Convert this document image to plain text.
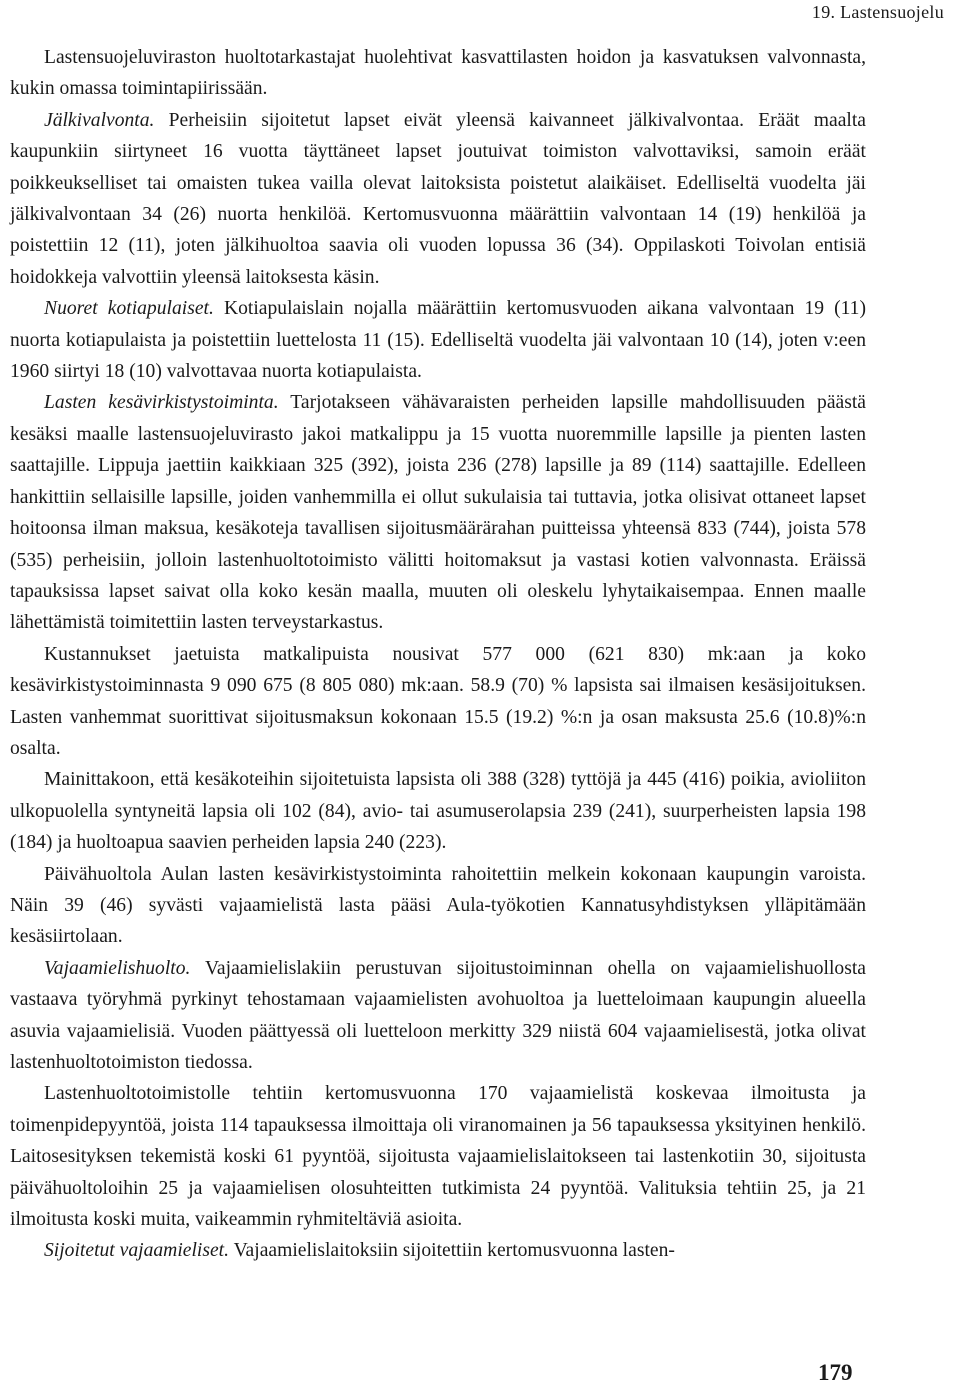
19. Lastensuojelu

Lastensuojeluviraston huoltotarkastajat huolehtivat kasvattilasten hoidon ja kasvatuksen valvonnasta, kukin omassa toimintapiirissään.

Jälkivalvonta. Perheisiin sijoitetut lapset eivät yleensä kaivanneet jälkivalvontaa. Eräät maalta kaupunkiin siirtyneet 16 vuotta täyttäneet lapset joutuivat toimiston valvottaviksi, samoin eräät poikkeukselliset tai omaisten tukea vailla olevat laitoksista poistetut alaikäiset. Edelliseltä vuodelta jäi jälkivalvontaan 34 (26) nuorta henkilöä. Kertomusvuonna määrättiin valvontaan 14 (19) henkilöä ja poistettiin 12 (11), joten jälkihuoltoa saavia oli vuoden lopussa 36 (34). Oppilaskoti Toivolan entisiä hoidokkeja valvottiin yleensä laitoksesta käsin.

Nuoret kotiapulaiset. Kotiapulaislain nojalla määrättiin kertomusvuoden aikana valvontaan 19 (11) nuorta kotiapulaista ja poistettiin luettelosta 11 (15). Edelliseltä vuodelta jäi valvontaan 10 (14), joten v:een 1960 siirtyi 18 (10) valvottavaa nuorta kotiapulaista.

Lasten kesävirkistystoiminta. Tarjotakseen vähävaraisten perheiden lapsille mahdollisuuden päästä kesäksi maalle lastensuojeluvirasto jakoi matkalippu ja 15 vuotta nuoremmille lapsille ja pienten lasten saattajille. Lippuja jaettiin kaikkiaan 325 (392), joista 236 (278) lapsille ja 89 (114) saattajille. Edelleen hankittiin sellaisille lapsille, joiden vanhemmilla ei ollut sukulaisia tai tuttavia, jotka olisivat ottaneet lapset hoitoonsa ilman maksua, kesäkoteja tavallisen sijoitusmäärärahan puitteissa yhteensä 833 (744), joista 578 (535) perheisiin, jolloin lastenhuoltotoimisto välitti hoitomaksut ja vastasi kotien valvonnasta. Eräissä tapauksissa lapset saivat olla koko kesän maalla, muuten oli oleskelu lyhytaikaisempaa. Ennen maalle lähettämistä toimitettiin lasten terveystarkastus.

Kustannukset jaetuista matkalipuista nousivat 577 000 (621 830) mk:aan ja koko kesävirkistystoiminnasta 9 090 675 (8 805 080) mk:aan. 58.9 (70) % lapsista sai ilmaisen kesäsijoituksen. Lasten vanhemmat suorittivat sijoitusmaksun kokonaan 15.5 (19.2) %:n ja osan maksusta 25.6 (10.8)%:n osalta.

Mainittakoon, että kesäkoteihin sijoitetuista lapsista oli 388 (328) tyttöjä ja 445 (416) poikia, avioliiton ulkopuolella syntyneitä lapsia oli 102 (84), avio- tai asumuserolapsia 239 (241), suurperheisten lapsia 198 (184) ja huoltoapua saavien perheiden lapsia 240 (223).

Päivähuoltola Aulan lasten kesävirkistystoiminta rahoitettiin melkein kokonaan kaupungin varoista. Näin 39 (46) syvästi vajaamielistä lasta pääsi Aula-työkotien Kannatusyhdistyksen ylläpitämään kesäsiirtolaan.

Vajaamielishuolto. Vajaamielislakiin perustuvan sijoitustoiminnan ohella on vajaamielishuollosta vastaava työryhmä pyrkinyt tehostamaan vajaamielisten avohuoltoa ja luetteloimaan kaupungin alueella asuvia vajaamielisiä. Vuoden päättyessä oli luetteloon merkitty 329 niistä 604 vajaamielisestä, jotka olivat lastenhuoltotoimiston tiedossa.

Lastenhuoltotoimistolle tehtiin kertomusvuonna 170 vajaamielistä koskevaa ilmoitusta ja toimenpidepyyntöä, joista 114 tapauksessa ilmoittaja oli viranomainen ja 56 tapauksessa yksityinen henkilö. Laitosesityksen tekemistä koski 61 pyyntöä, sijoitusta vajaamielislaitokseen tai lastenkotiin 30, sijoitusta päivähuoltoloihin 25 ja vajaamielisen olosuhteitten tutkimista 24 pyyntöä. Valituksia tehtiin 25, ja 21 ilmoitusta koski muita, vaikeammin ryhmiteltäviä asioita.

Sijoitetut vajaamieliset. Vajaamielislaitoksiin sijoitettiin kertomusvuonna lasten-

179
